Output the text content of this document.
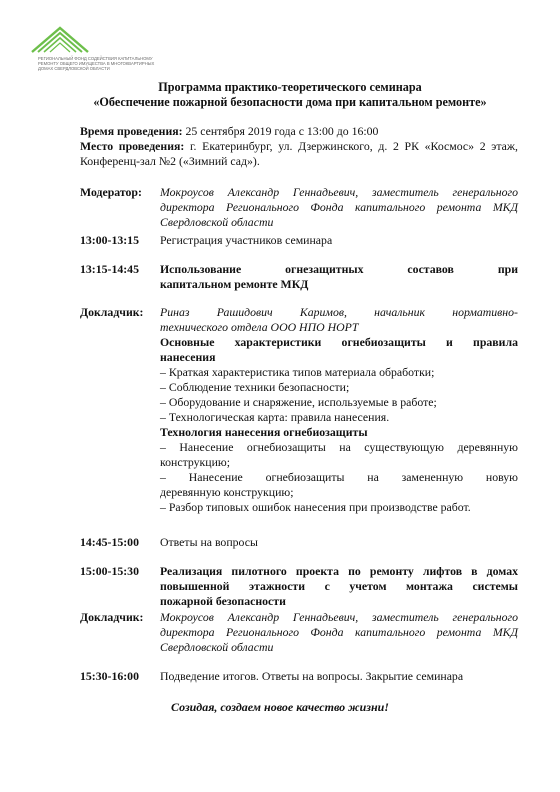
РЕГИОНАЛЬНЫЙ ФОНД СОДЕЙСТВИЯ КАПИТАЛЬНОМУ РЕМОНТУ ОБЩЕГО ИМУЩЕСТВА В МНОГОКВАРТИРНЫХ ДОМАХ СВЕРДЛОВСКОЙ ОБЛАСТИ
Программа практико-теоретического семинара
«Обеспечение пожарной безопасности дома при капитальном ремонте»

Время проведения: 25 сентября 2019 года с 13:00 до 16:00

Место проведения: г. Екатеринбург, ул. Дзержинского, д. 2 РК «Космос» 2 этаж, Конференц-зал №2 («Зимний сад»).

Модератор:	Мокроусов Александр Геннадьевич, заместитель генерального директора Регионального Фонда капитального ремонта МКД Свердловской области
13:00-13:15	Регистрация участников семинара
13:15-14:45	Использование огнезащитных составов при
капитальном ремонте МКД
Докладчик:	Риназ Рашидович Каримов, начальник нормативно-
технического отдела ООО НПО НОРТ
Основные характеристики огнебиозащиты и правила
нанесения
– Краткая характеристика типов материала обработки;
– Соблюдение техники безопасности;
– Оборудование и снаряжение, используемые в работе;
– Технологическая карта: правила нанесения.
Технология нанесения огнебиозащиты
– Нанесение огнебиозащиты на существующую деревянную
конструкцию;
– Нанесение огнебиозащиты на замененную новую
деревянную конструкцию;
– Разбор типовых ошибок нанесения при производстве работ.
14:45-15:00	Ответы на вопросы
15:00-15:30	Реализация пилотного проекта по ремонту лифтов в домах
повышенной этажности с учетом монтажа системы
пожарной безопасности
Докладчик:	Мокроусов Александр Геннадьевич, заместитель генерального директора Регионального Фонда капитального ремонта МКД Свердловской области
15:30-16:00	Подведение итогов. Ответы на вопросы. Закрытие семинара
Созидая, создаем новое качество жизни!
